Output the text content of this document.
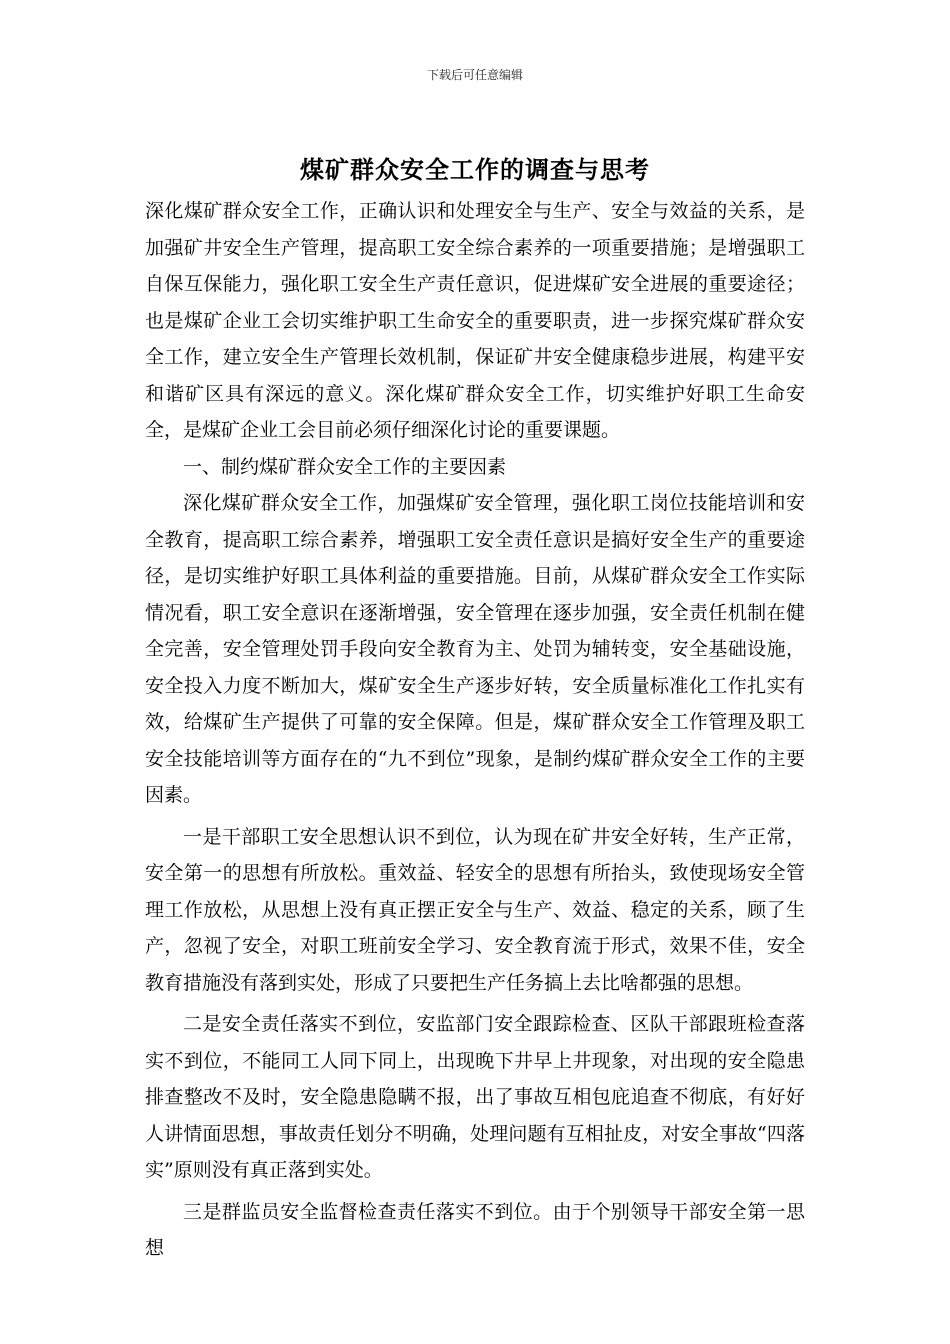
下载后可任意编辑
煤矿群众安全工作的调查与思考

深化煤矿群众安全工作，正确认识和处理安全与生产、安全与效益的关系，是加强矿井安全生产管理，提高职工安全综合素养的一项重要措施；是增强职工自保互保能力，强化职工安全生产责任意识，促进煤矿安全进展的重要途径；也是煤矿企业工会切实维护职工生命安全的重要职责，进一步探究煤矿群众安全工作，建立安全生产管理长效机制，保证矿井安全健康稳步进展，构建平安和谐矿区具有深远的意义。深化煤矿群众安全工作，切实维护好职工生命安全，是煤矿企业工会目前必须仔细深化讨论的重要课题。

一、制约煤矿群众安全工作的主要因素

深化煤矿群众安全工作，加强煤矿安全管理，强化职工岗位技能培训和安全教育，提高职工综合素养，增强职工安全责任意识是搞好安全生产的重要途径，是切实维护好职工具体利益的重要措施。目前，从煤矿群众安全工作实际情况看，职工安全意识在逐渐增强，安全管理在逐步加强，安全责任机制在健全完善，安全管理处罚手段向安全教育为主、处罚为辅转变，安全基础设施，安全投入力度不断加大，煤矿安全生产逐步好转，安全质量标准化工作扎实有效，给煤矿生产提供了可靠的安全保障。但是，煤矿群众安全工作管理及职工安全技能培训等方面存在的“九不到位”现象，是制约煤矿群众安全工作的主要因素。

一是干部职工安全思想认识不到位，认为现在矿井安全好转，生产正常，安全第一的思想有所放松。重效益、轻安全的思想有所抬头，致使现场安全管理工作放松，从思想上没有真正摆正安全与生产、效益、稳定的关系，顾了生产，忽视了安全，对职工班前安全学习、安全教育流于形式，效果不佳，安全教育措施没有落到实处，形成了只要把生产任务搞上去比啥都强的思想。

二是安全责任落实不到位，安监部门安全跟踪检查、区队干部跟班检查落实不到位，不能同工人同下同上，出现晚下井早上井现象，对出现的安全隐患排查整改不及时，安全隐患隐瞒不报，出了事故互相包庇追查不彻底，有好好人讲情面思想，事故责任划分不明确，处理问题有互相扯皮，对安全事故“四落实”原则没有真正落到实处。

三是群监员安全监督检查责任落实不到位。由于个别领导干部安全第一思想
